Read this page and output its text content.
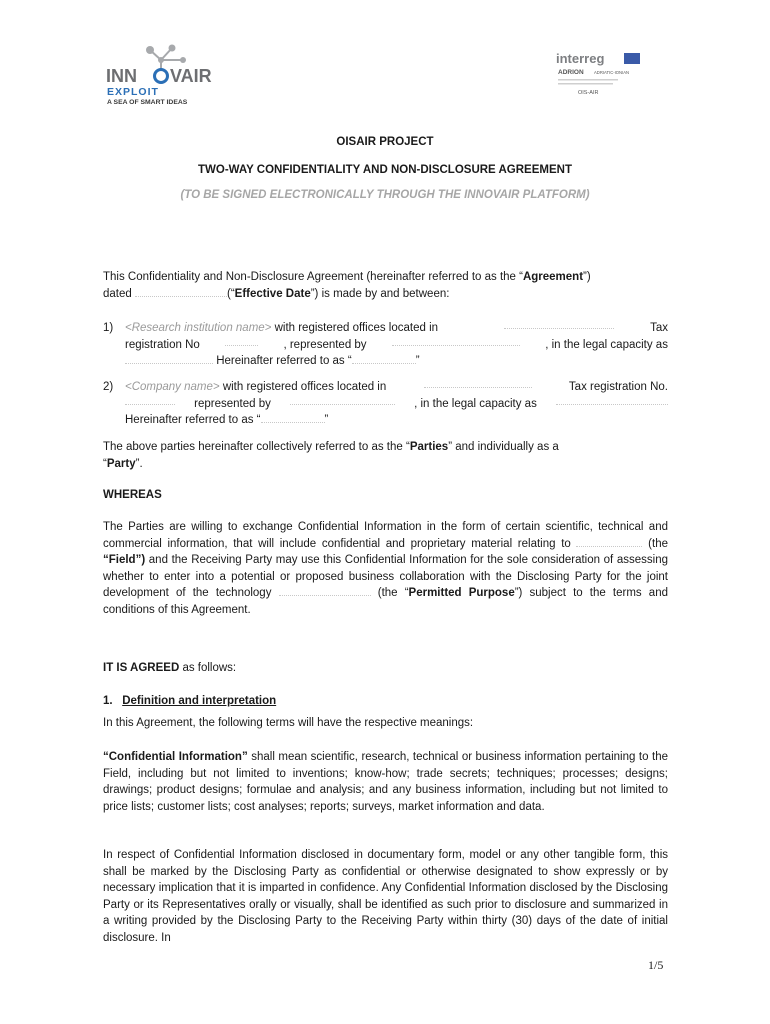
INN VAIR
EXPLOIT
A SEA OF SMART IDEAS
interreg
ADRION ADRIATIC-IONIAN
OIS-AIR
OISAIR PROJECT
TWO-WAY CONFIDENTIALITY AND NON-DISCLOSURE AGREEMENT
(TO BE SIGNED ELECTRONICALLY THROUGH THE INNOVAIR PLATFORM)
This Confidentiality and Non-Disclosure Agreement (hereinafter referred to as the “Agreement”)
dated	(“Effective Date”) is made by and between:
1) <Research institution name> with registered offices located in	Tax
registration No	, represented by	, in the legal capacity as
Hereinafter referred to as “	”
2) <Company name> with registered offices located in	Tax registration No.
represented by	, in the legal capacity as
Hereinafter referred to as “	”
The above parties hereinafter collectively referred to as the “Parties” and individually as a
“Party”.
WHEREAS
The Parties are willing to exchange Confidential Information in the form of certain scientific, technical and commercial information, that will include confidential and proprietary material relating to	(the “Field”) and the Receiving Party may use this Confidential Information for the sole consideration of assessing whether to enter into a potential or proposed business collaboration with the Disclosing Party for the joint development of the technology	(the “Permitted Purpose”) subject to the terms and conditions of this Agreement.
IT IS AGREED as follows:
1. Definition and interpretation
In this Agreement, the following terms will have the respective meanings:
“Confidential Information” shall mean scientific, research, technical or business information pertaining to the Field, including but not limited to inventions; know-how; trade secrets; techniques; processes; designs; drawings; product designs; formulae and analysis; and any business information, including but not limited to price lists; customer lists; cost analyses; reports; surveys, market information and data.
In respect of Confidential Information disclosed in documentary form, model or any other tangible form, this shall be marked by the Disclosing Party as confidential or otherwise designated to show expressly or by necessary implication that it is imparted in confidence. Any Confidential Information disclosed by the Disclosing Party or its Representatives orally or visually, shall be identified as such prior to disclosure and summarized in a writing provided by the Disclosing Party to the Receiving Party within thirty (30) days of the date of initial disclosure. In
1/5
